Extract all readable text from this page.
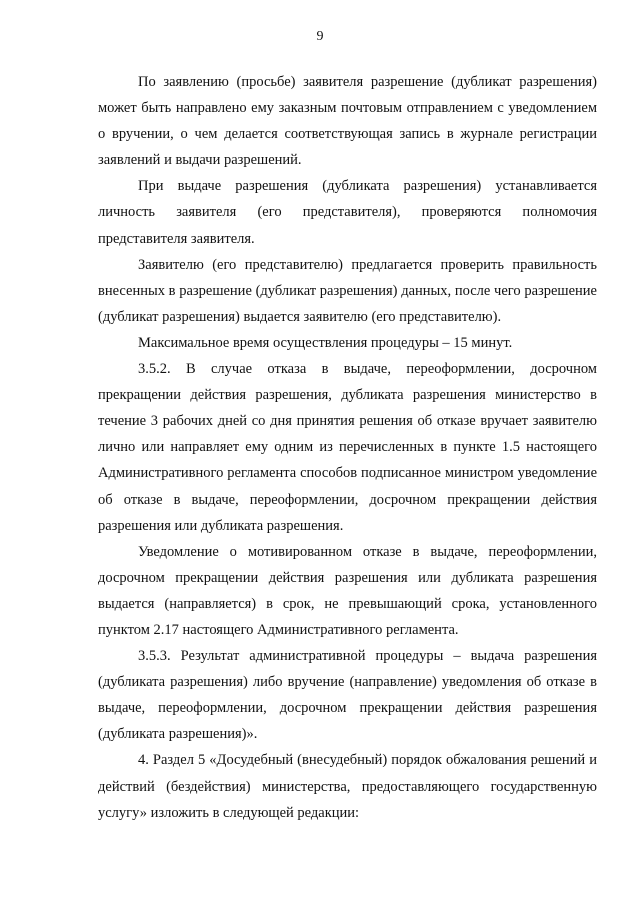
9

По заявлению (просьбе) заявителя разрешение (дубликат разрешения) может быть направлено ему заказным почтовым отправлением с уведомлением о вручении, о чем делается соответствующая запись в журнале регистрации заявлений и выдачи разрешений.

При выдаче разрешения (дубликата разрешения) устанавливается личность заявителя (его представителя), проверяются полномочия представителя заявителя.

Заявителю (его представителю) предлагается проверить правильность внесенных в разрешение (дубликат разрешения) данных, после чего разрешение (дубликат разрешения) выдается заявителю (его представителю).

Максимальное время осуществления процедуры – 15 минут.

3.5.2. В случае отказа в выдаче, переоформлении, досрочном прекращении действия разрешения, дубликата разрешения министерство в течение 3 рабочих дней со дня принятия решения об отказе вручает заявителю лично или направляет ему одним из перечисленных в пункте 1.5 настоящего Административного регламента способов подписанное министром уведомление об отказе в выдаче, переоформлении, досрочном прекращении действия разрешения или дубликата разрешения.

Уведомление о мотивированном отказе в выдаче, переоформлении, досрочном прекращении действия разрешения или дубликата разрешения выдается (направляется) в срок, не превышающий срока, установленного пунктом 2.17 настоящего Административного регламента.

3.5.3. Результат административной процедуры – выдача разрешения (дубликата разрешения) либо вручение (направление) уведомления об отказе в выдаче, переоформлении, досрочном прекращении действия разрешения (дубликата разрешения)».

4. Раздел 5 «Досудебный (внесудебный) порядок обжалования решений и действий (бездействия) министерства, предоставляющего государственную услугу» изложить в следующей редакции:
